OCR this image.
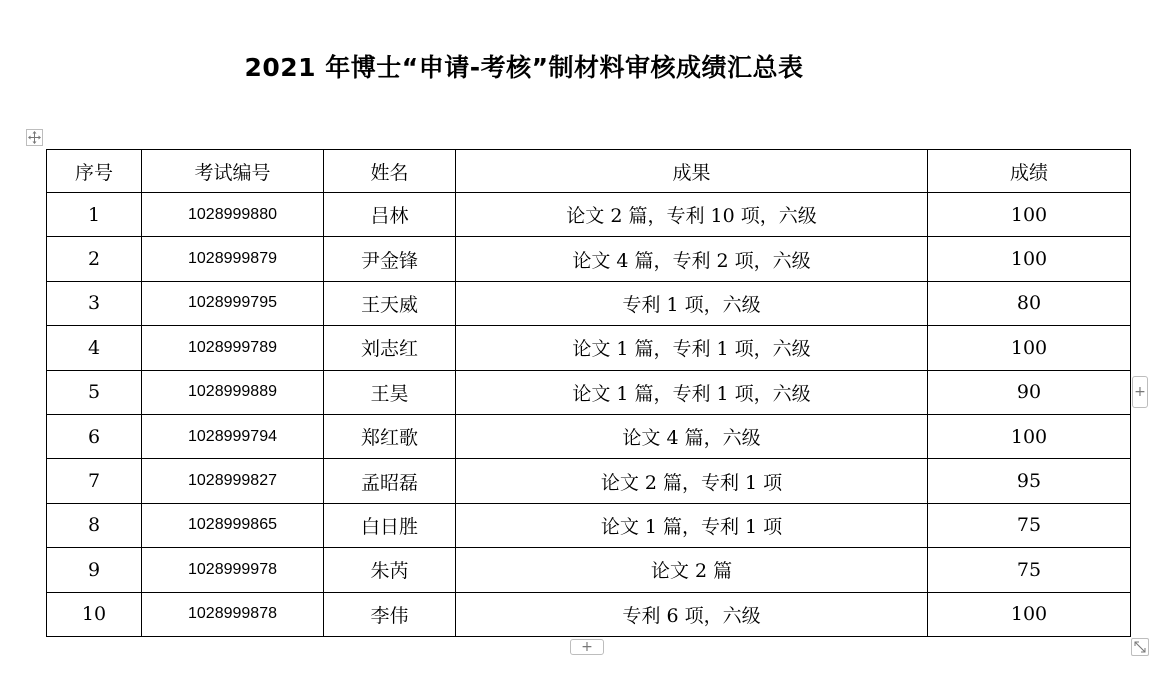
2021 年博士“申请-考核”制材料审核成绩汇总表
序号	考试编号	姓名	成果	成绩
1	1028999880	吕林	论文 2 篇，专利 10 项，六级	100
2	1028999879	尹金锋	论文 4 篇，专利 2 项，六级	100
3	1028999795	王天威	专利 1 项，六级	80
4	1028999789	刘志红	论文 1 篇，专利 1 项，六级	100
5	1028999889	王昊	论文 1 篇，专利 1 项，六级	90
6	1028999794	郑红歌	论文 4 篇，六级	100
7	1028999827	孟昭磊	论文 2 篇，专利 1 项	95
8	1028999865	白日胜	论文 1 篇，专利 1 项	75
9	1028999978	朱芮	论文 2 篇	75
10	1028999878	李伟	专利 6 项，六级	100
+
+
